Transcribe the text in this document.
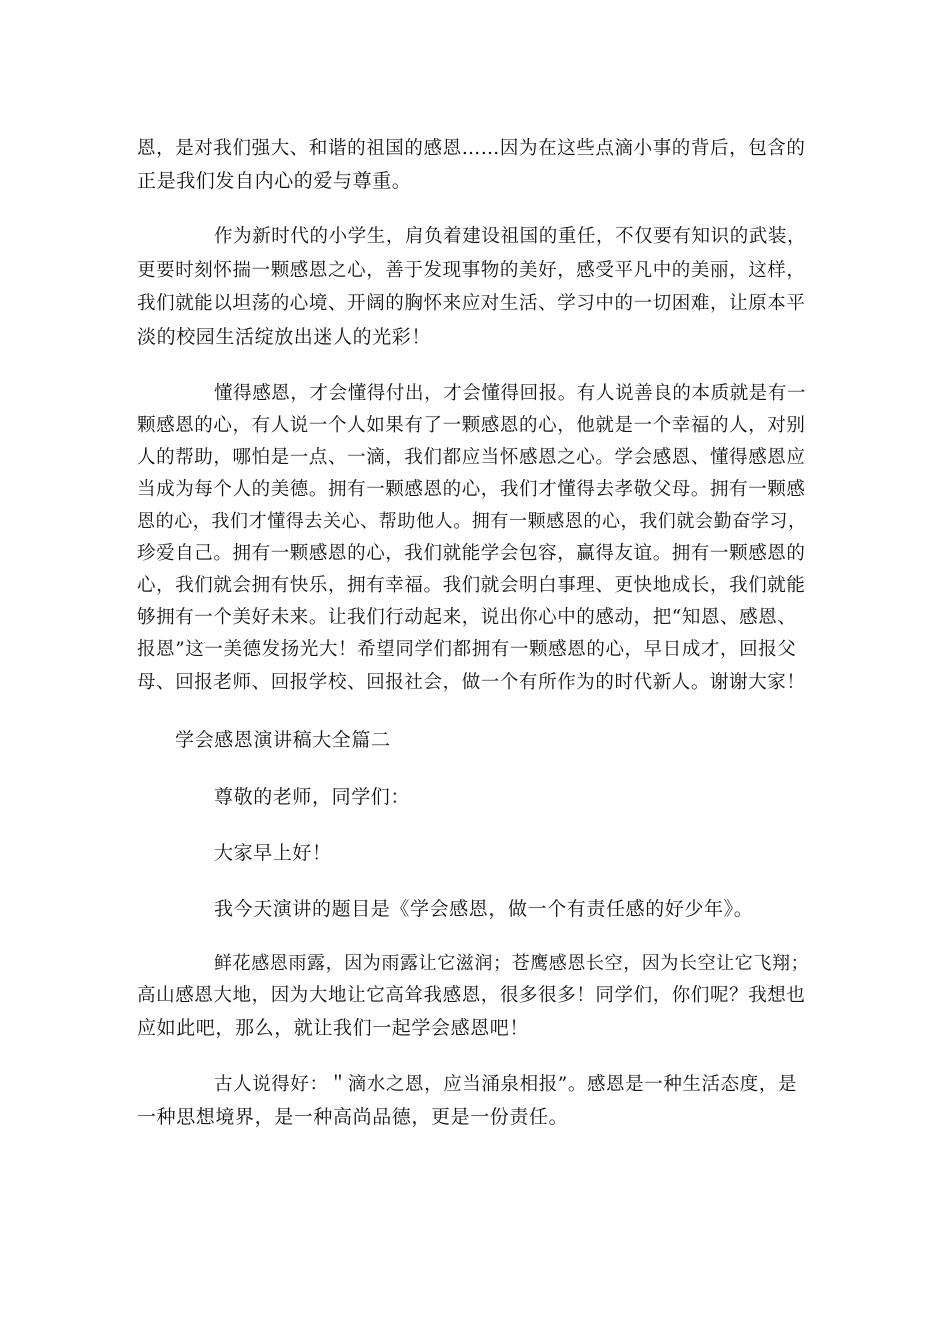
恩，是对我们强大、和谐的祖国的感恩……因为在这些点滴小事的背后，包含的
正是我们发自内心的爱与尊重。
作为新时代的小学生，肩负着建设祖国的重任，不仅要有知识的武装，
更要时刻怀揣一颗感恩之心，善于发现事物的美好，感受平凡中的美丽，这样，
我们就能以坦荡的心境、开阔的胸怀来应对生活、学习中的一切困难，让原本平
淡的校园生活绽放出迷人的光彩！
懂得感恩，才会懂得付出，才会懂得回报。有人说善良的本质就是有一
颗感恩的心，有人说一个人如果有了一颗感恩的心，他就是一个幸福的人，对别
人的帮助，哪怕是一点、一滴，我们都应当怀感恩之心。学会感恩、懂得感恩应
当成为每个人的美德。拥有一颗感恩的心，我们才懂得去孝敬父母。拥有一颗感
恩的心，我们才懂得去关心、帮助他人。拥有一颗感恩的心，我们就会勤奋学习，
珍爱自己。拥有一颗感恩的心，我们就能学会包容，赢得友谊。拥有一颗感恩的
心，我们就会拥有快乐，拥有幸福。我们就会明白事理、更快地成长，我们就能
够拥有一个美好未来。让我们行动起来，说出你心中的感动，把“知恩、感恩、
报恩”这一美德发扬光大！希望同学们都拥有一颗感恩的心，早日成才，回报父
母、回报老师、回报学校、回报社会，做一个有所作为的时代新人。谢谢大家！
学会感恩演讲稿大全篇二
尊敬的老师，同学们：
大家早上好！
我今天演讲的题目是《学会感恩，做一个有责任感的好少年》。
鲜花感恩雨露，因为雨露让它滋润；苍鹰感恩长空，因为长空让它飞翔；
高山感恩大地，因为大地让它高耸我感恩，很多很多！同学们，你们呢？我想也
应如此吧，那么，就让我们一起学会感恩吧！
古人说得好：＂滴水之恩，应当涌泉相报”。感恩是一种生活态度，是
一种思想境界，是一种高尚品德，更是一份责任。
